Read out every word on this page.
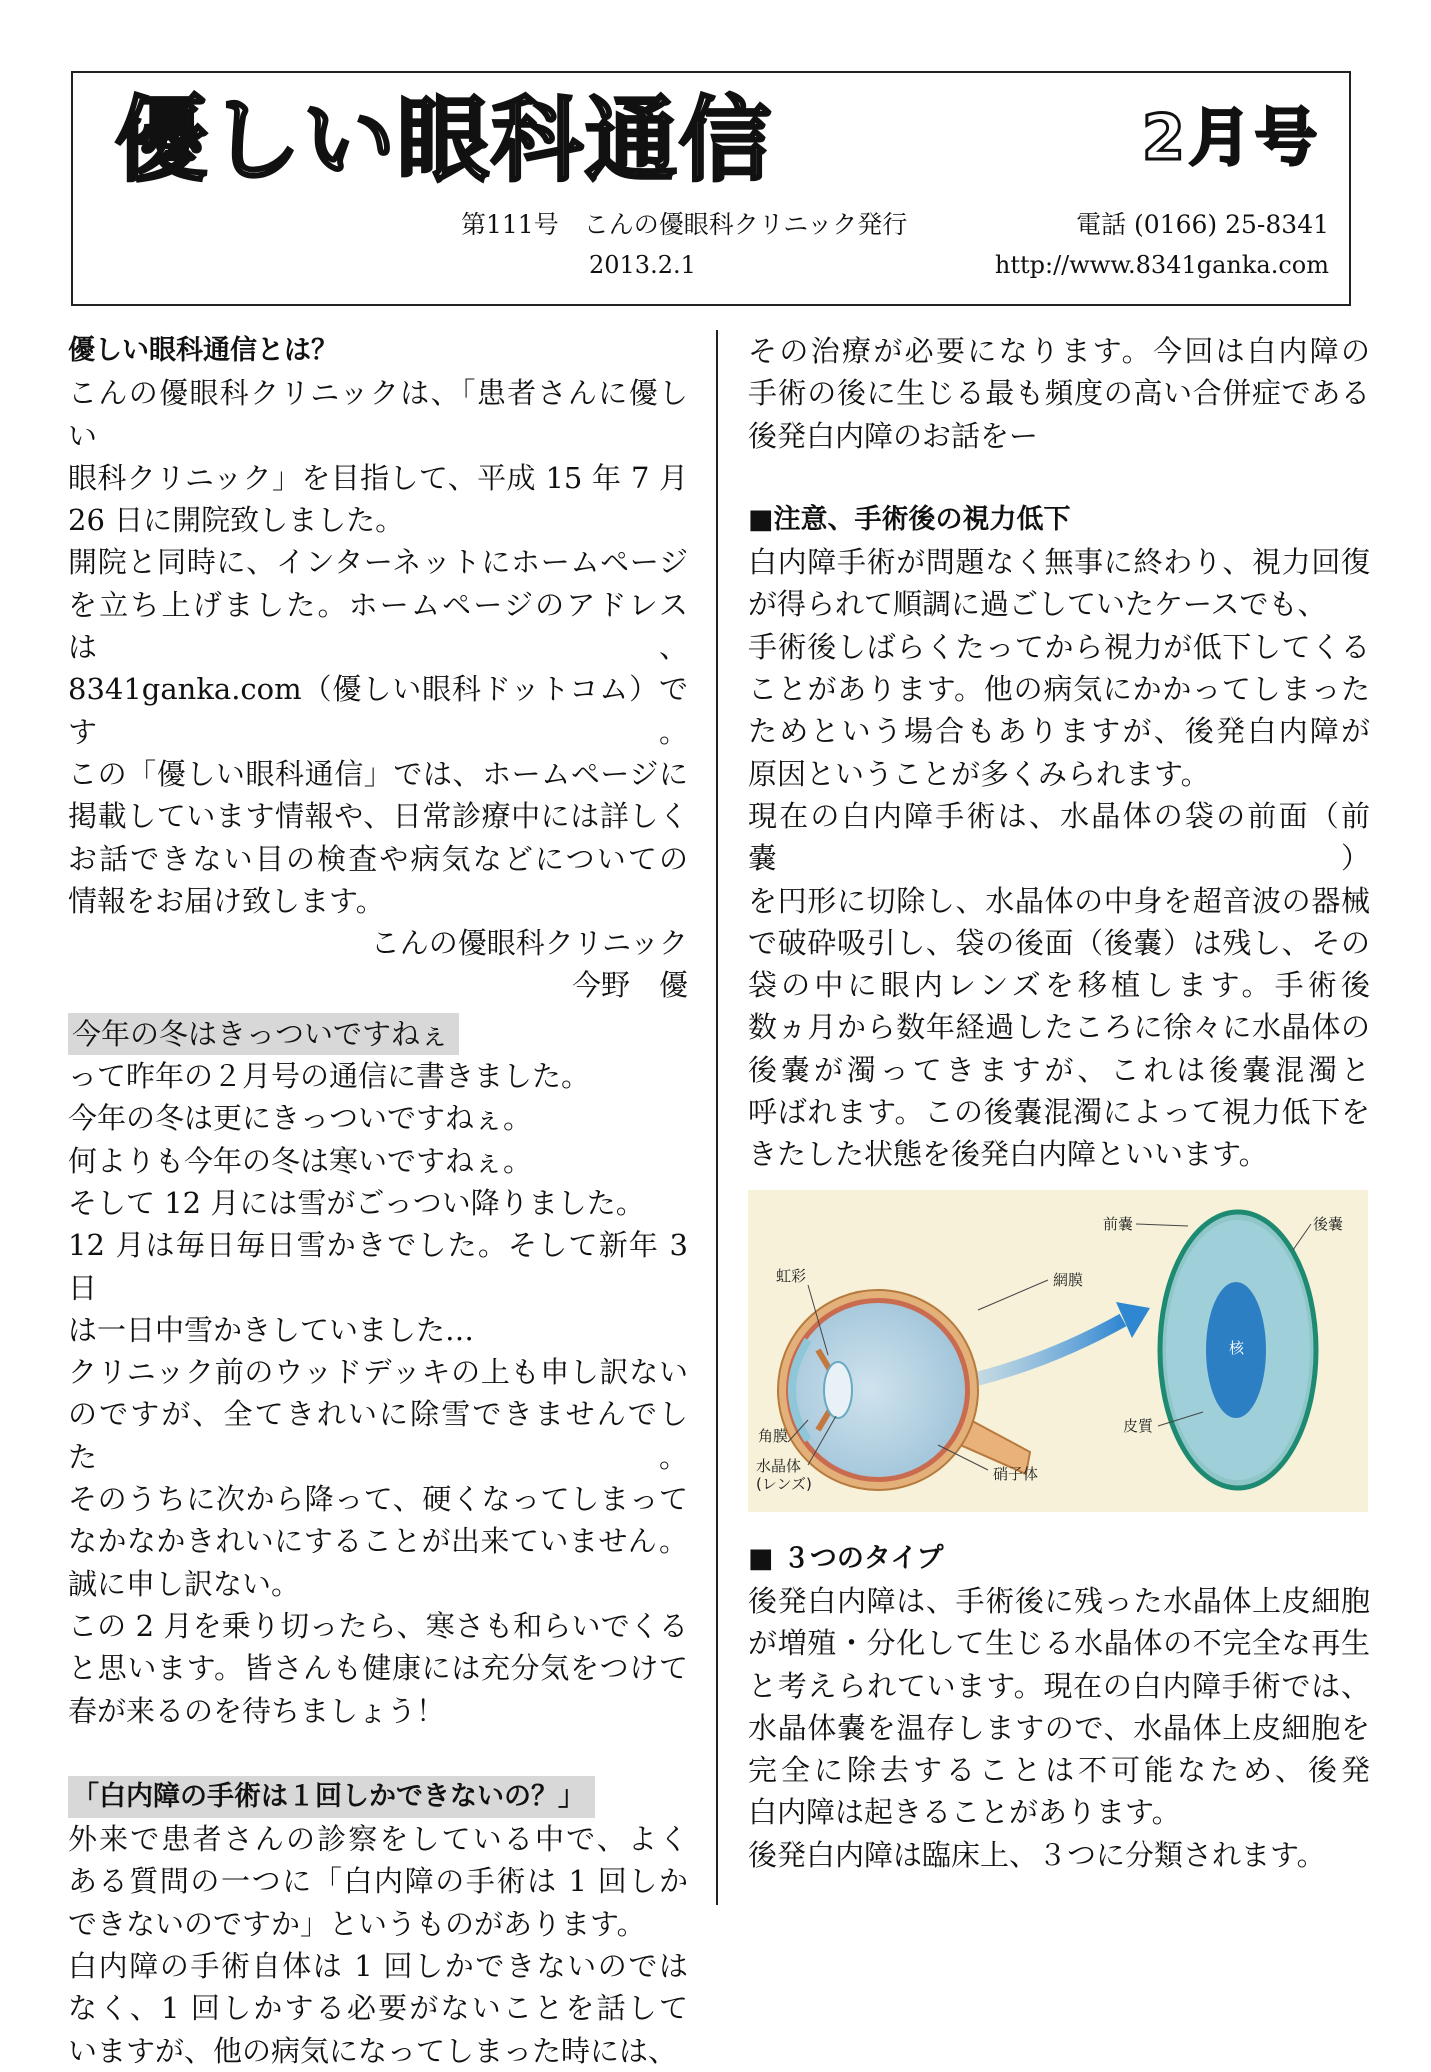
優しい眼科通信	2月号
第111号　こんの優眼科クリニック発行	電話 (0166) 25-8341
2013.2.1	http://www.8341ganka.com

優しい眼科通信とは？

こんの優眼科クリニックは、「患者さんに優しい

眼科クリニック」を目指して、平成 15 年 7 月

26 日に開院致しました。

開院と同時に、インターネットにホームページ

を立ち上げました。ホームページのアドレスは、

8341ganka.com（優しい眼科ドットコム）です。

この「優しい眼科通信」では、ホームページに

掲載しています情報や、日常診療中には詳しく

お話できない目の検査や病気などについての

情報をお届け致します。

こんの優眼科クリニック

今野　優

今年の冬はきっついですねぇ

って昨年の２月号の通信に書きました。

今年の冬は更にきっついですねぇ。

何よりも今年の冬は寒いですねぇ。

そして 12 月には雪がごっつい降りました。

12 月は毎日毎日雪かきでした。そして新年 3 日

は一日中雪かきしていました…

クリニック前のウッドデッキの上も申し訳ない

のですが、全てきれいに除雪できませんでした。

そのうちに次から降って、硬くなってしまって

なかなかきれいにすることが出来ていません。

誠に申し訳ない。

この 2 月を乗り切ったら、寒さも和らいでくる

と思います。皆さんも健康には充分気をつけて

春が来るのを待ちましょう！

「白内障の手術は１回しかできないの？」

外来で患者さんの診察をしている中で、よく

ある質問の一つに「白内障の手術は 1 回しか

できないのですか」というものがあります。

白内障の手術自体は 1 回しかできないのでは

なく、1 回しかする必要がないことを話して

いますが、他の病気になってしまった時には、

その治療が必要になります。今回は白内障の

手術の後に生じる最も頻度の高い合併症である

後発白内障のお話をー

■注意、手術後の視力低下

白内障手術が問題なく無事に終わり、視力回復

が得られて順調に過ごしていたケースでも、

手術後しばらくたってから視力が低下してくる

ことがあります。他の病気にかかってしまった

ためという場合もありますが、後発白内障が

原因ということが多くみられます。

現在の白内障手術は、水晶体の袋の前面（前嚢）

を円形に切除し、水晶体の中身を超音波の器械

で破砕吸引し、袋の後面（後嚢）は残し、その

袋の中に眼内レンズを移植します。手術後

数ヵ月から数年経過したころに徐々に水晶体の

後嚢が濁ってきますが、これは後嚢混濁と

呼ばれます。この後嚢混濁によって視力低下を

きたした状態を後発白内障といいます。

虹彩	網膜
角膜
水晶体
(レンズ)
硝子体
前嚢	後嚢
核
皮質

■ ３つのタイプ

後発白内障は、手術後に残った水晶体上皮細胞

が増殖・分化して生じる水晶体の不完全な再生

と考えられています。現在の白内障手術では、

水晶体嚢を温存しますので、水晶体上皮細胞を

完全に除去することは不可能なため、後発

白内障は起きることがあります。

後発白内障は臨床上、３つに分類されます。
